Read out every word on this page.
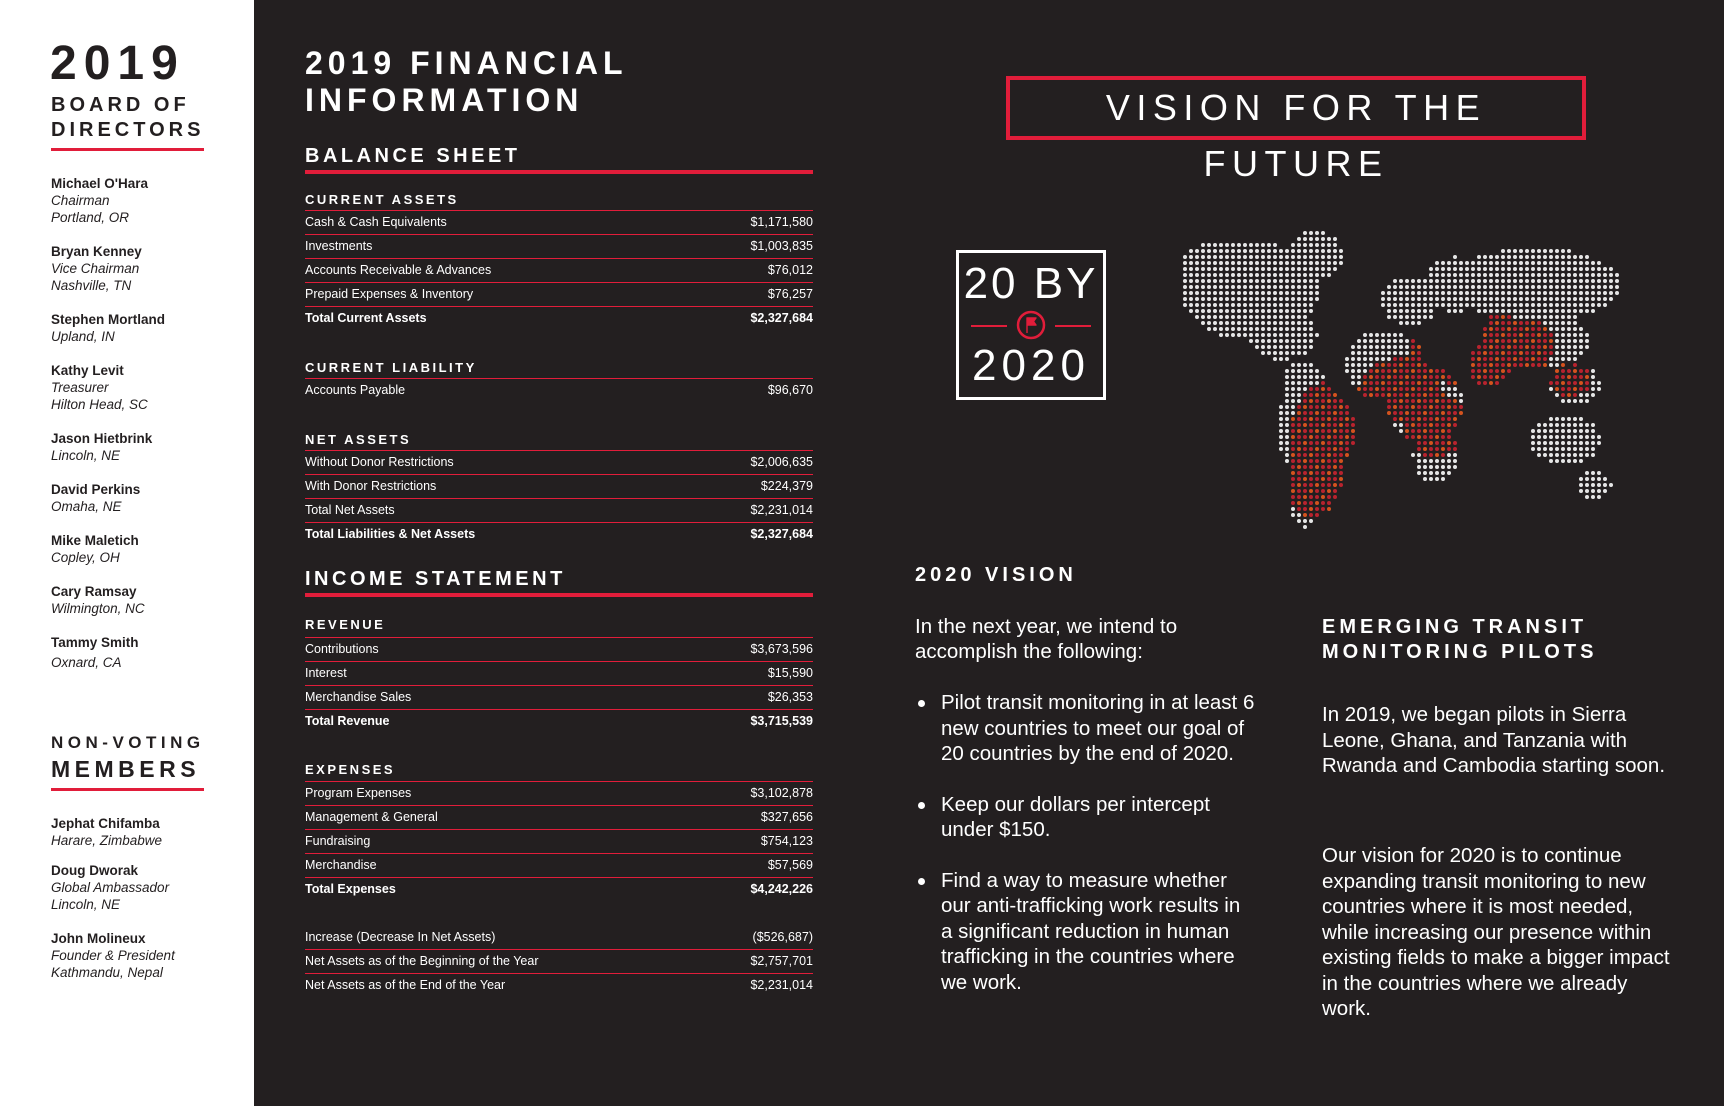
2019
BOARD OF
DIRECTORS
Michael O'Hara
Chairman
Portland, OR
Bryan Kenney
Vice Chairman
Nashville, TN
Stephen Mortland
Upland, IN
Kathy Levit
Treasurer
Hilton Head, SC
Jason Hietbrink
Lincoln, NE
David Perkins
Omaha, NE
Mike Maletich
Copley, OH
Cary Ramsay
Wilmington, NC
Tammy Smith
Oxnard, CA
NON-VOTING
MEMBERS
Jephat Chifamba
Harare, Zimbabwe
Doug Dworak
Global Ambassador
Lincoln, NE
John Molineux
Founder & President
Kathmandu, Nepal
2019 FINANCIAL
INFORMATION
BALANCE SHEET
CURRENT ASSETS
Cash & Cash Equivalents	$1,171,580
Investments	$1,003,835
Accounts Receivable & Advances	$76,012
Prepaid Expenses & Inventory	$76,257
Total Current Assets	$2,327,684
CURRENT LIABILITY
Accounts Payable	$96,670
NET ASSETS
Without Donor Restrictions	$2,006,635
With Donor Restrictions	$224,379
Total Net Assets	$2,231,014
Total Liabilities & Net Assets	$2,327,684
INCOME STATEMENT
REVENUE
Contributions	$3,673,596
Interest	$15,590
Merchandise Sales	$26,353
Total Revenue	$3,715,539
EXPENSES
Program Expenses	$3,102,878
Management & General	$327,656
Fundraising	$754,123
Merchandise	$57,569
Total Expenses	$4,242,226
Increase (Decrease In Net Assets)	($526,687)
Net Assets as of the Beginning of the Year	$2,757,701
Net Assets as of the End of the Year	$2,231,014
VISION FOR THE FUTURE
20 BY
2020
2020 VISION
In the next year, we intend to accomplish the following:
Pilot transit monitoring in at least 6 new countries to meet our goal of 20 countries by the end of 2020.
Keep our dollars per intercept under $150.
Find a way to measure whether our anti-trafficking work results in a significant reduction in human trafficking in the countries where we work.
EMERGING TRANSIT
MONITORING PILOTS

In 2019, we began pilots in Sierra Leone, Ghana, and Tanzania with Rwanda and Cambodia starting soon.

Our vision for 2020 is to continue expanding transit monitoring to new countries where it is most needed, while increasing our presence within existing fields to make a bigger impact in the countries where we already work.
